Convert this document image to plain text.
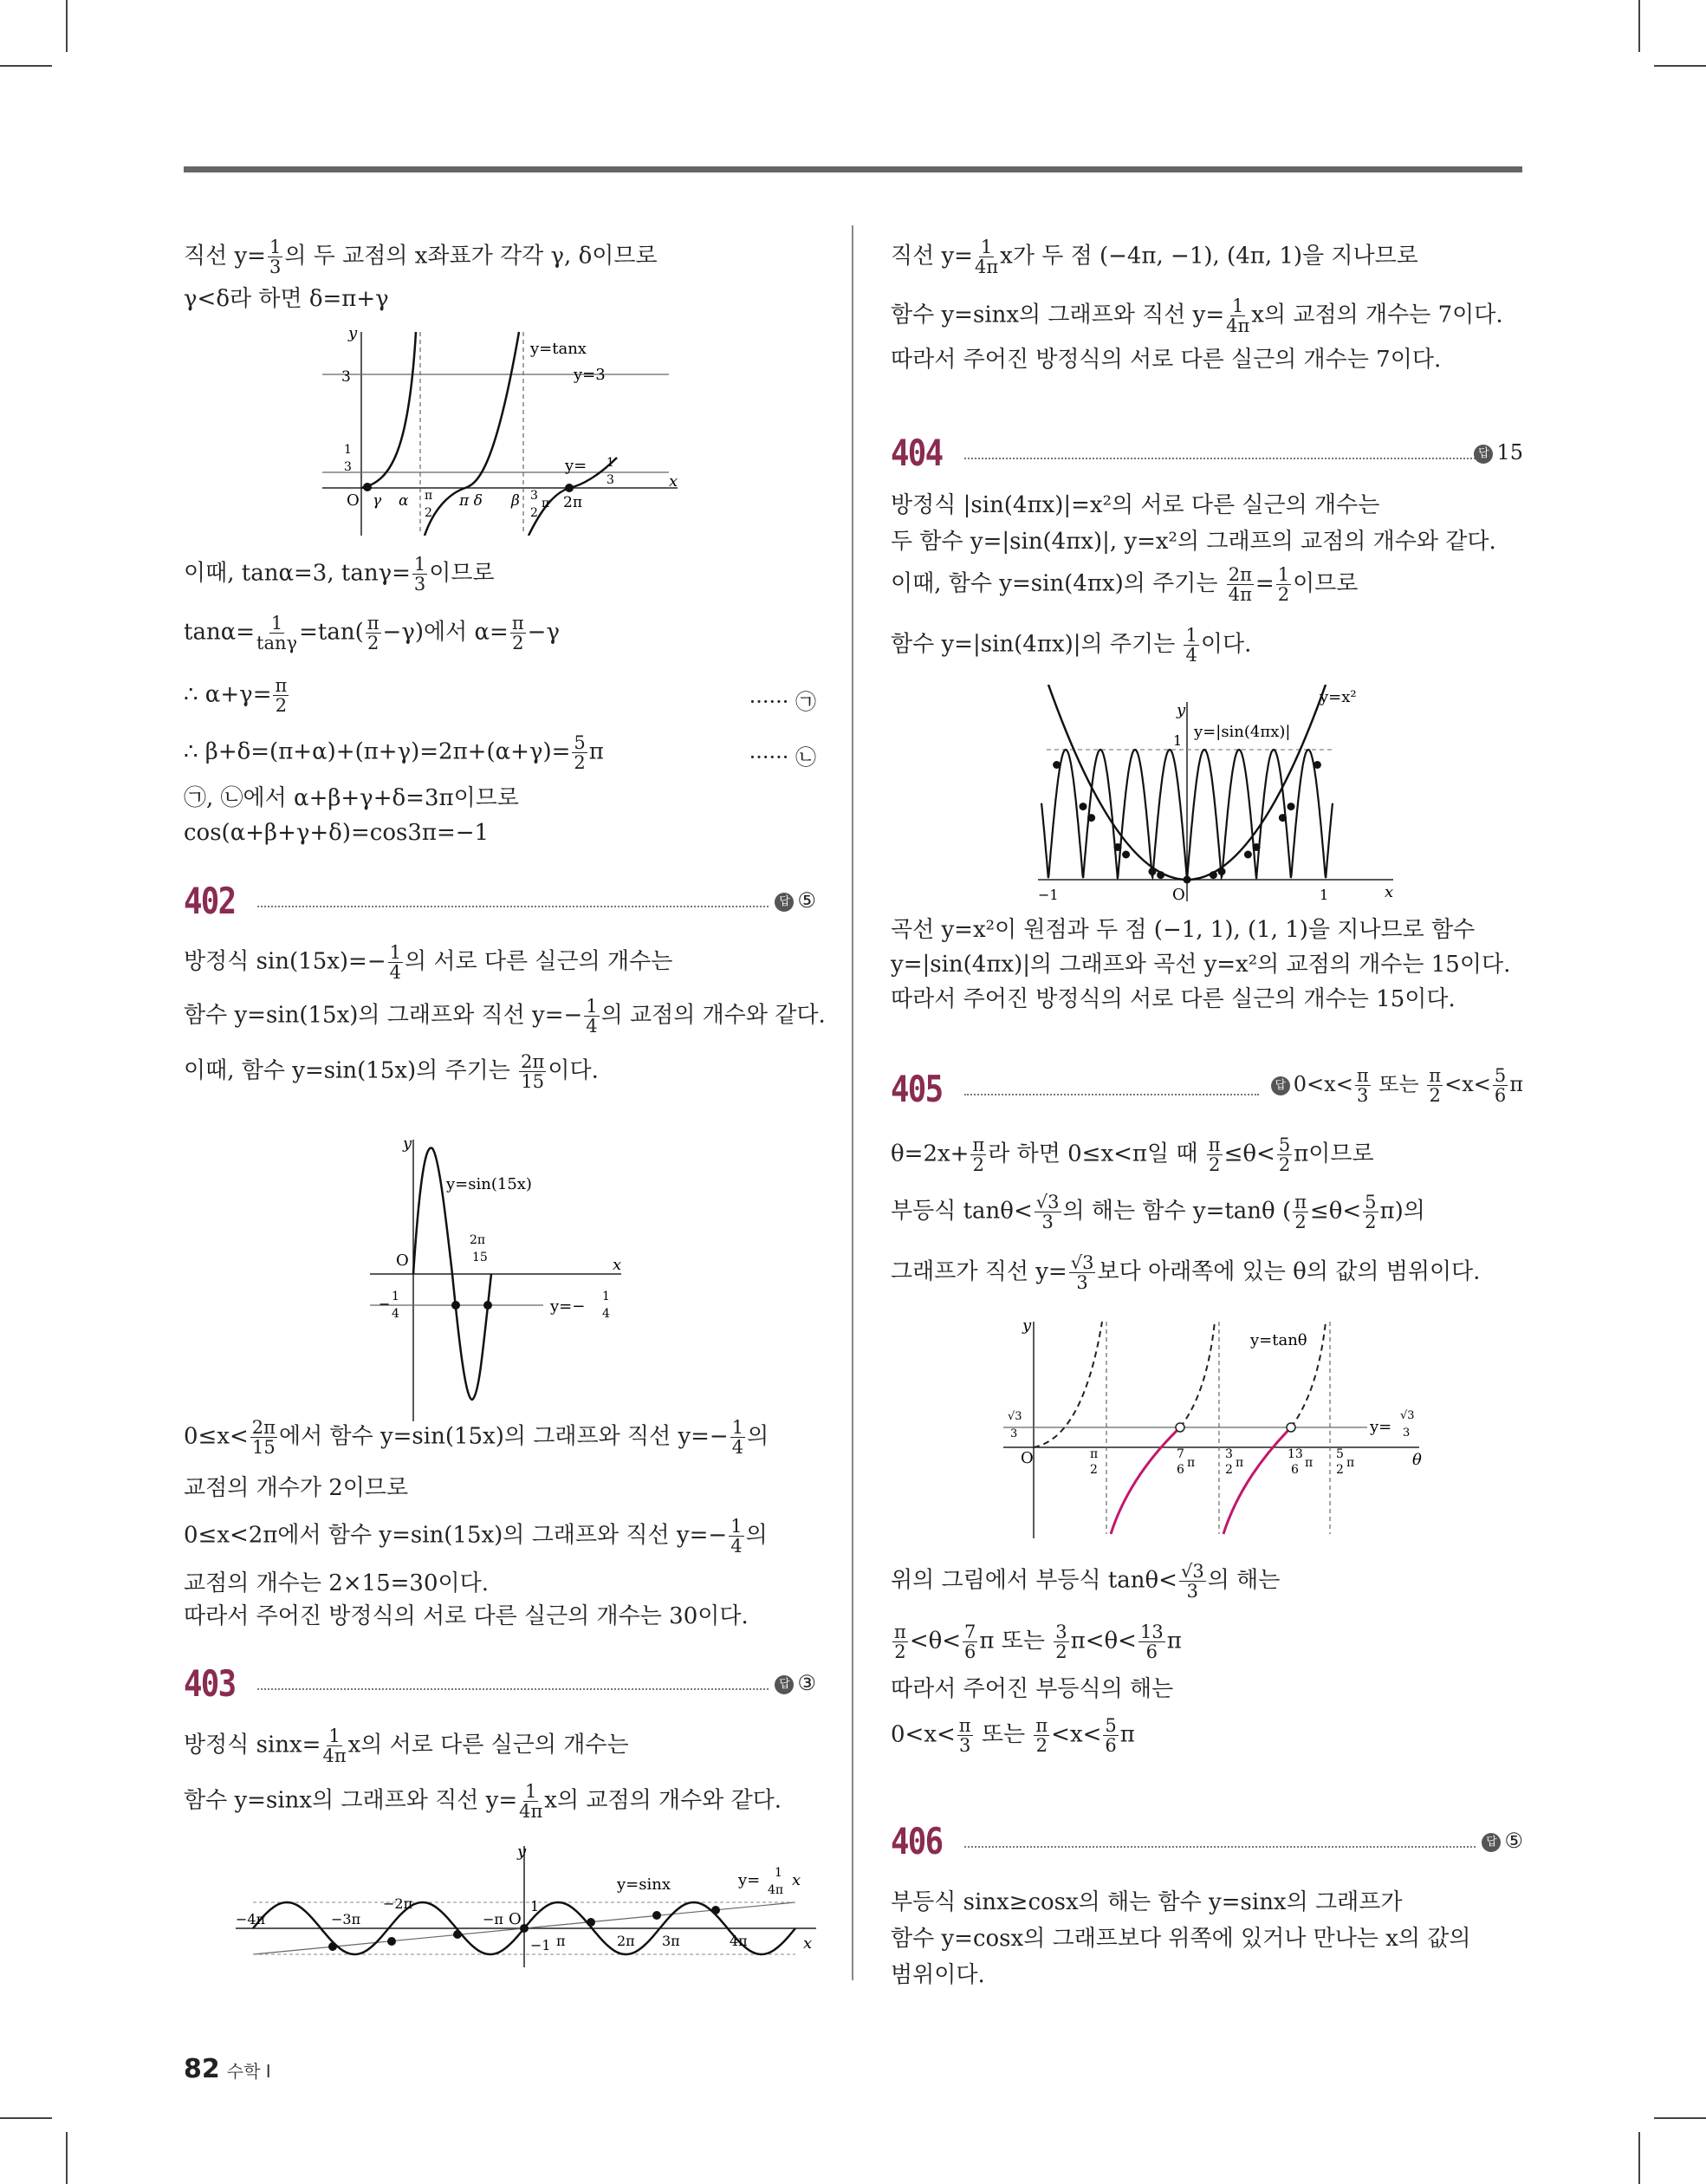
직선 $y= \frac{1}{3}$ 의 두 교점의 x좌표가 각각 γ, δ이므로
γ<δ라 하면 δ=π+γ
y
x
O
y=tanx
y=3
y= 1
3
3
1
3
γ α π
2
π δ β 3
2
π 2π
이때, tanα=3, $\tan\gamma= \frac{1}{3}$ 이므로
$\tan\alpha= \frac{1}{\tan\gamma} =\tan( \frac{\pi}{2} -\gamma)$에서 $\alpha= \frac{\pi}{2} -\gamma$
∴ $\alpha+\gamma= \frac{\pi}{2}$	······ ㉠
∴ $\beta+\delta=(\pi+\alpha)+(\pi+\gamma)=2\pi+(\alpha+\gamma)= \frac{5}{2}$ π	······ ㉡
㉠, ㉡에서 α+β+γ+δ=3π이므로
cos(α+β+γ+δ)=cos3π=−1
402	답 ⑤
방정식 $\sin(15x)=- \frac{1}{4}$ 의 서로 다른 실근의 개수는
함수 y=sin(15x)의 그래프와 직선 $y=- \frac{1}{4}$ 의 교점의 개수와 같다.
이때, 함수 y=sin(15x)의 주기는 $\frac{2\pi}{15}$ 이다.
y
x
O
y=sin(15x)
2π
15
− 1
4	y=−
1
4
$0\le x< \frac{2\pi}{15}$ 에서 함수 y=sin(15x)의 그래프와 직선 $y=- \frac{1}{4}$ 의
교점의 개수가 2이므로
0≤x<2π에서 함수 y=sin(15x)의 그래프와 직선 $y=- \frac{1}{4}$ 의
교점의 개수는 2×15=30이다.
따라서 주어진 방정식의 서로 다른 실근의 개수는 30이다.
403	답 ③
방정식 $\sin x= \frac{1}{4\pi}$ x의 서로 다른 실근의 개수는
함수 y=sinx의 그래프와 직선 $y= \frac{1}{4\pi}$ x의 교점의 개수와 같다.
y
x
O
y=sinx	y= 1
4π
x
−4π	−3π
−2π
−π
1
−1 π	2π 3π	4π
직선 $y= \frac{1}{4\pi}$ x가 두 점 (−4π, −1), (4π, 1)을 지나므로
함수 y=sinx의 그래프와 직선 $y= \frac{1}{4\pi}$ x의 교점의 개수는 7이다.
따라서 주어진 방정식의 서로 다른 실근의 개수는 7이다.
404	답 15
방정식 |sin(4πx)|=x²의 서로 다른 실근의 개수는
두 함수 y=|sin(4πx)|, y=x²의 그래프의 교점의 개수와 같다.
이때, 함수 y=sin(4πx)의 주기는 $\frac{2\pi}{4\pi} = \frac{1}{2}$ 이므로
함수 y=|sin(4πx)|의 주기는 $\frac{1}{4}$ 이다.
y
x
O
y=x²
y=|sin(4πx)|
1
−1	1
곡선 y=x²이 원점과 두 점 (−1, 1), (1, 1)을 지나므로 함수
y=|sin(4πx)|의 그래프와 곡선 y=x²의 교점의 개수는 15이다.
따라서 주어진 방정식의 서로 다른 실근의 개수는 15이다.
405	답 $0<x< \frac{\pi}{3}$ 또는 $\frac{\pi}{2} <x< \frac{5}{6}$ π
$\theta=2x+ \frac{\pi}{2}$ 라 하면 0≤x<π일 때 $\frac{\pi}{2} \le\theta< \frac{5}{2}$ π이므로
부등식 $\tan\theta< \frac{√3}{3}$ 의 해는 함수 y=tanθ ( $\frac{\pi}{2} \le\theta< \frac{5}{2} \pi$)의
그래프가 직선 $y= \frac{√3}{3}$ 보다 아래쪽에 있는 θ의 값의 범위이다.
y
θ
O
y=tanθ
y=
√3
3
√3
3
π
2
7
6 π
3
2 π
13
6 π
5
2 π
위의 그림에서 부등식 $\tan\theta< \frac{√3}{3}$ 의 해는
$\frac{\pi}{2} <\theta< \frac{7}{6}$ π 또는 $\frac{3}{2} \pi<\theta< \frac{13}{6}$ π
따라서 주어진 부등식의 해는
$0<x< \frac{\pi}{3}$ 또는 $\frac{\pi}{2} <x< \frac{5}{6}$ π
406	답 ⑤
부등식 sinx≥cosx의 해는 함수 y=sinx의 그래프가
함수 y=cosx의 그래프보다 위쪽에 있거나 만나는 x의 값의
범위이다.
82 수학 I
